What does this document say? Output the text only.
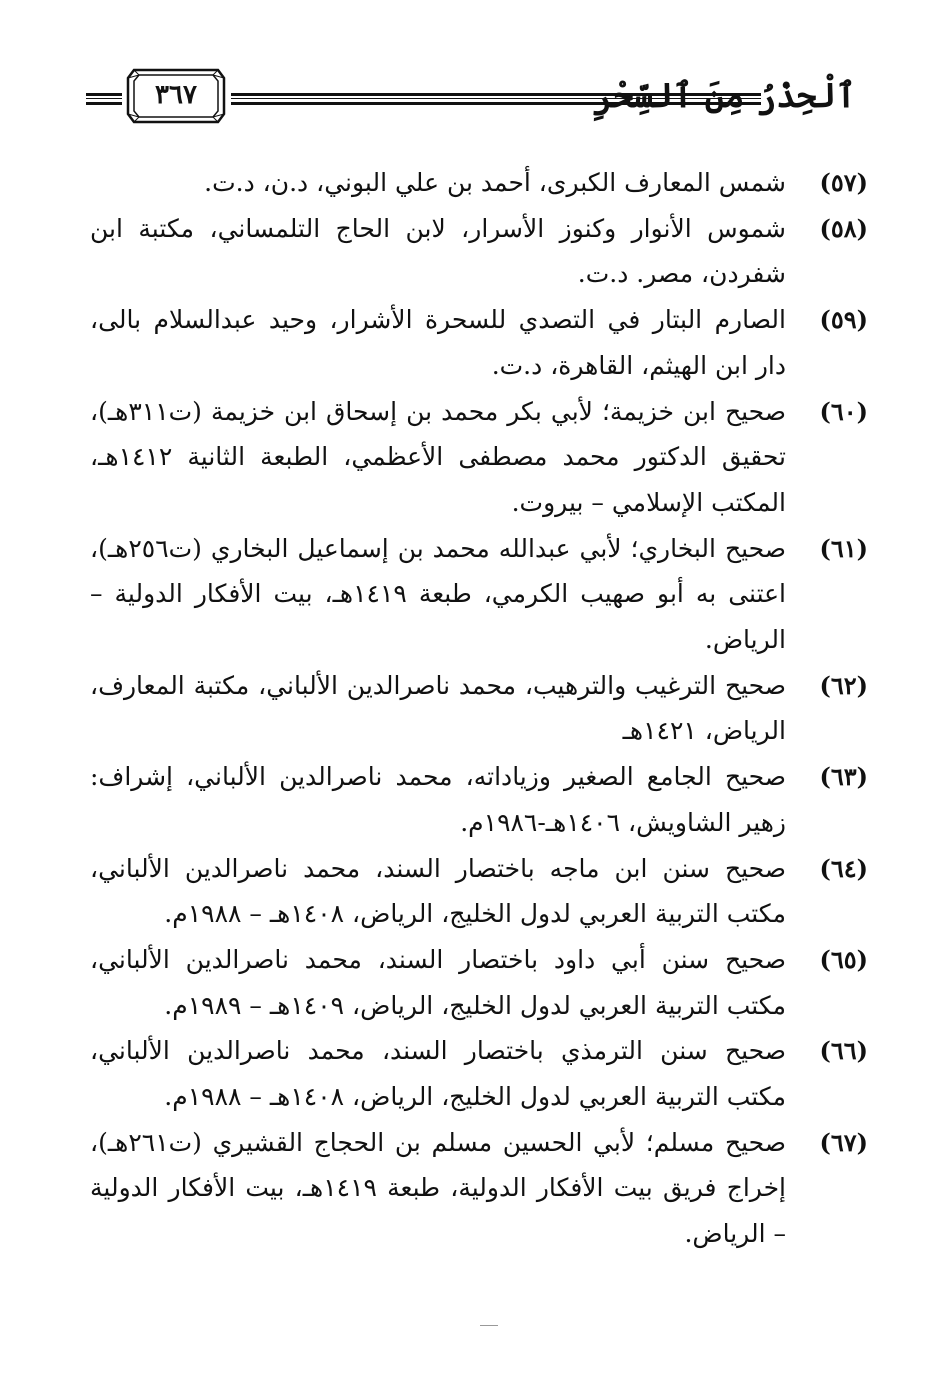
٣٦٧	ٱلْحِذْرُ مِنَ ٱلسِّحْرِ
(٥٧)
شمس المعارف الكبرى، أحمد بن علي البوني، د.ن، د.ت.
(٥٨)
شموس الأنوار وكنوز الأسرار، لابن الحاج التلمساني، مكتبة ابن شفردن، مصر. د.ت.
(٥٩)
الصارم البتار في التصدي للسحرة الأشرار، وحيد عبدالسلام بالى، دار ابن الهيثم، القاهرة، د.ت.
(٦٠)
صحيح ابن خزيمة؛ لأبي بكر محمد بن إسحاق ابن خزيمة (ت٣١١هـ)، تحقيق الدكتور محمد مصطفى الأعظمي، الطبعة الثانية ١٤١٢هـ، المكتب الإسلامي – بيروت.
(٦١)
صحيح البخاري؛ لأبي عبدالله محمد بن إسماعيل البخاري (ت٢٥٦هـ)، اعتنى به أبو صهيب الكرمي، طبعة ١٤١٩هـ، بيت الأفكار الدولية – الرياض.
(٦٢)
صحيح الترغيب والترهيب، محمد ناصرالدين الألباني، مكتبة المعارف، الرياض، ١٤٢١هـ
(٦٣)
صحيح الجامع الصغير وزياداته، محمد ناصرالدين الألباني، إشراف: زهير الشاويش، ١٤٠٦هـ-١٩٨٦م.
(٦٤)
صحيح سنن ابن ماجه باختصار السند، محمد ناصرالدين الألباني، مكتب التربية العربي لدول الخليج، الرياض، ١٤٠٨هـ – ١٩٨٨م.
(٦٥)
صحيح سنن أبي داود باختصار السند، محمد ناصرالدين الألباني، مكتب التربية العربي لدول الخليج، الرياض، ١٤٠٩هـ – ١٩٨٩م.
(٦٦)
صحيح سنن الترمذي باختصار السند، محمد ناصرالدين الألباني، مكتب التربية العربي لدول الخليج، الرياض، ١٤٠٨هـ – ١٩٨٨م.
(٦٧)
صحيح مسلم؛ لأبي الحسين مسلم بن الحجاج القشيري (ت٢٦١هـ)، إخراج فريق بيت الأفكار الدولية، طبعة ١٤١٩هـ، بيت الأفكار الدولية – الرياض.
